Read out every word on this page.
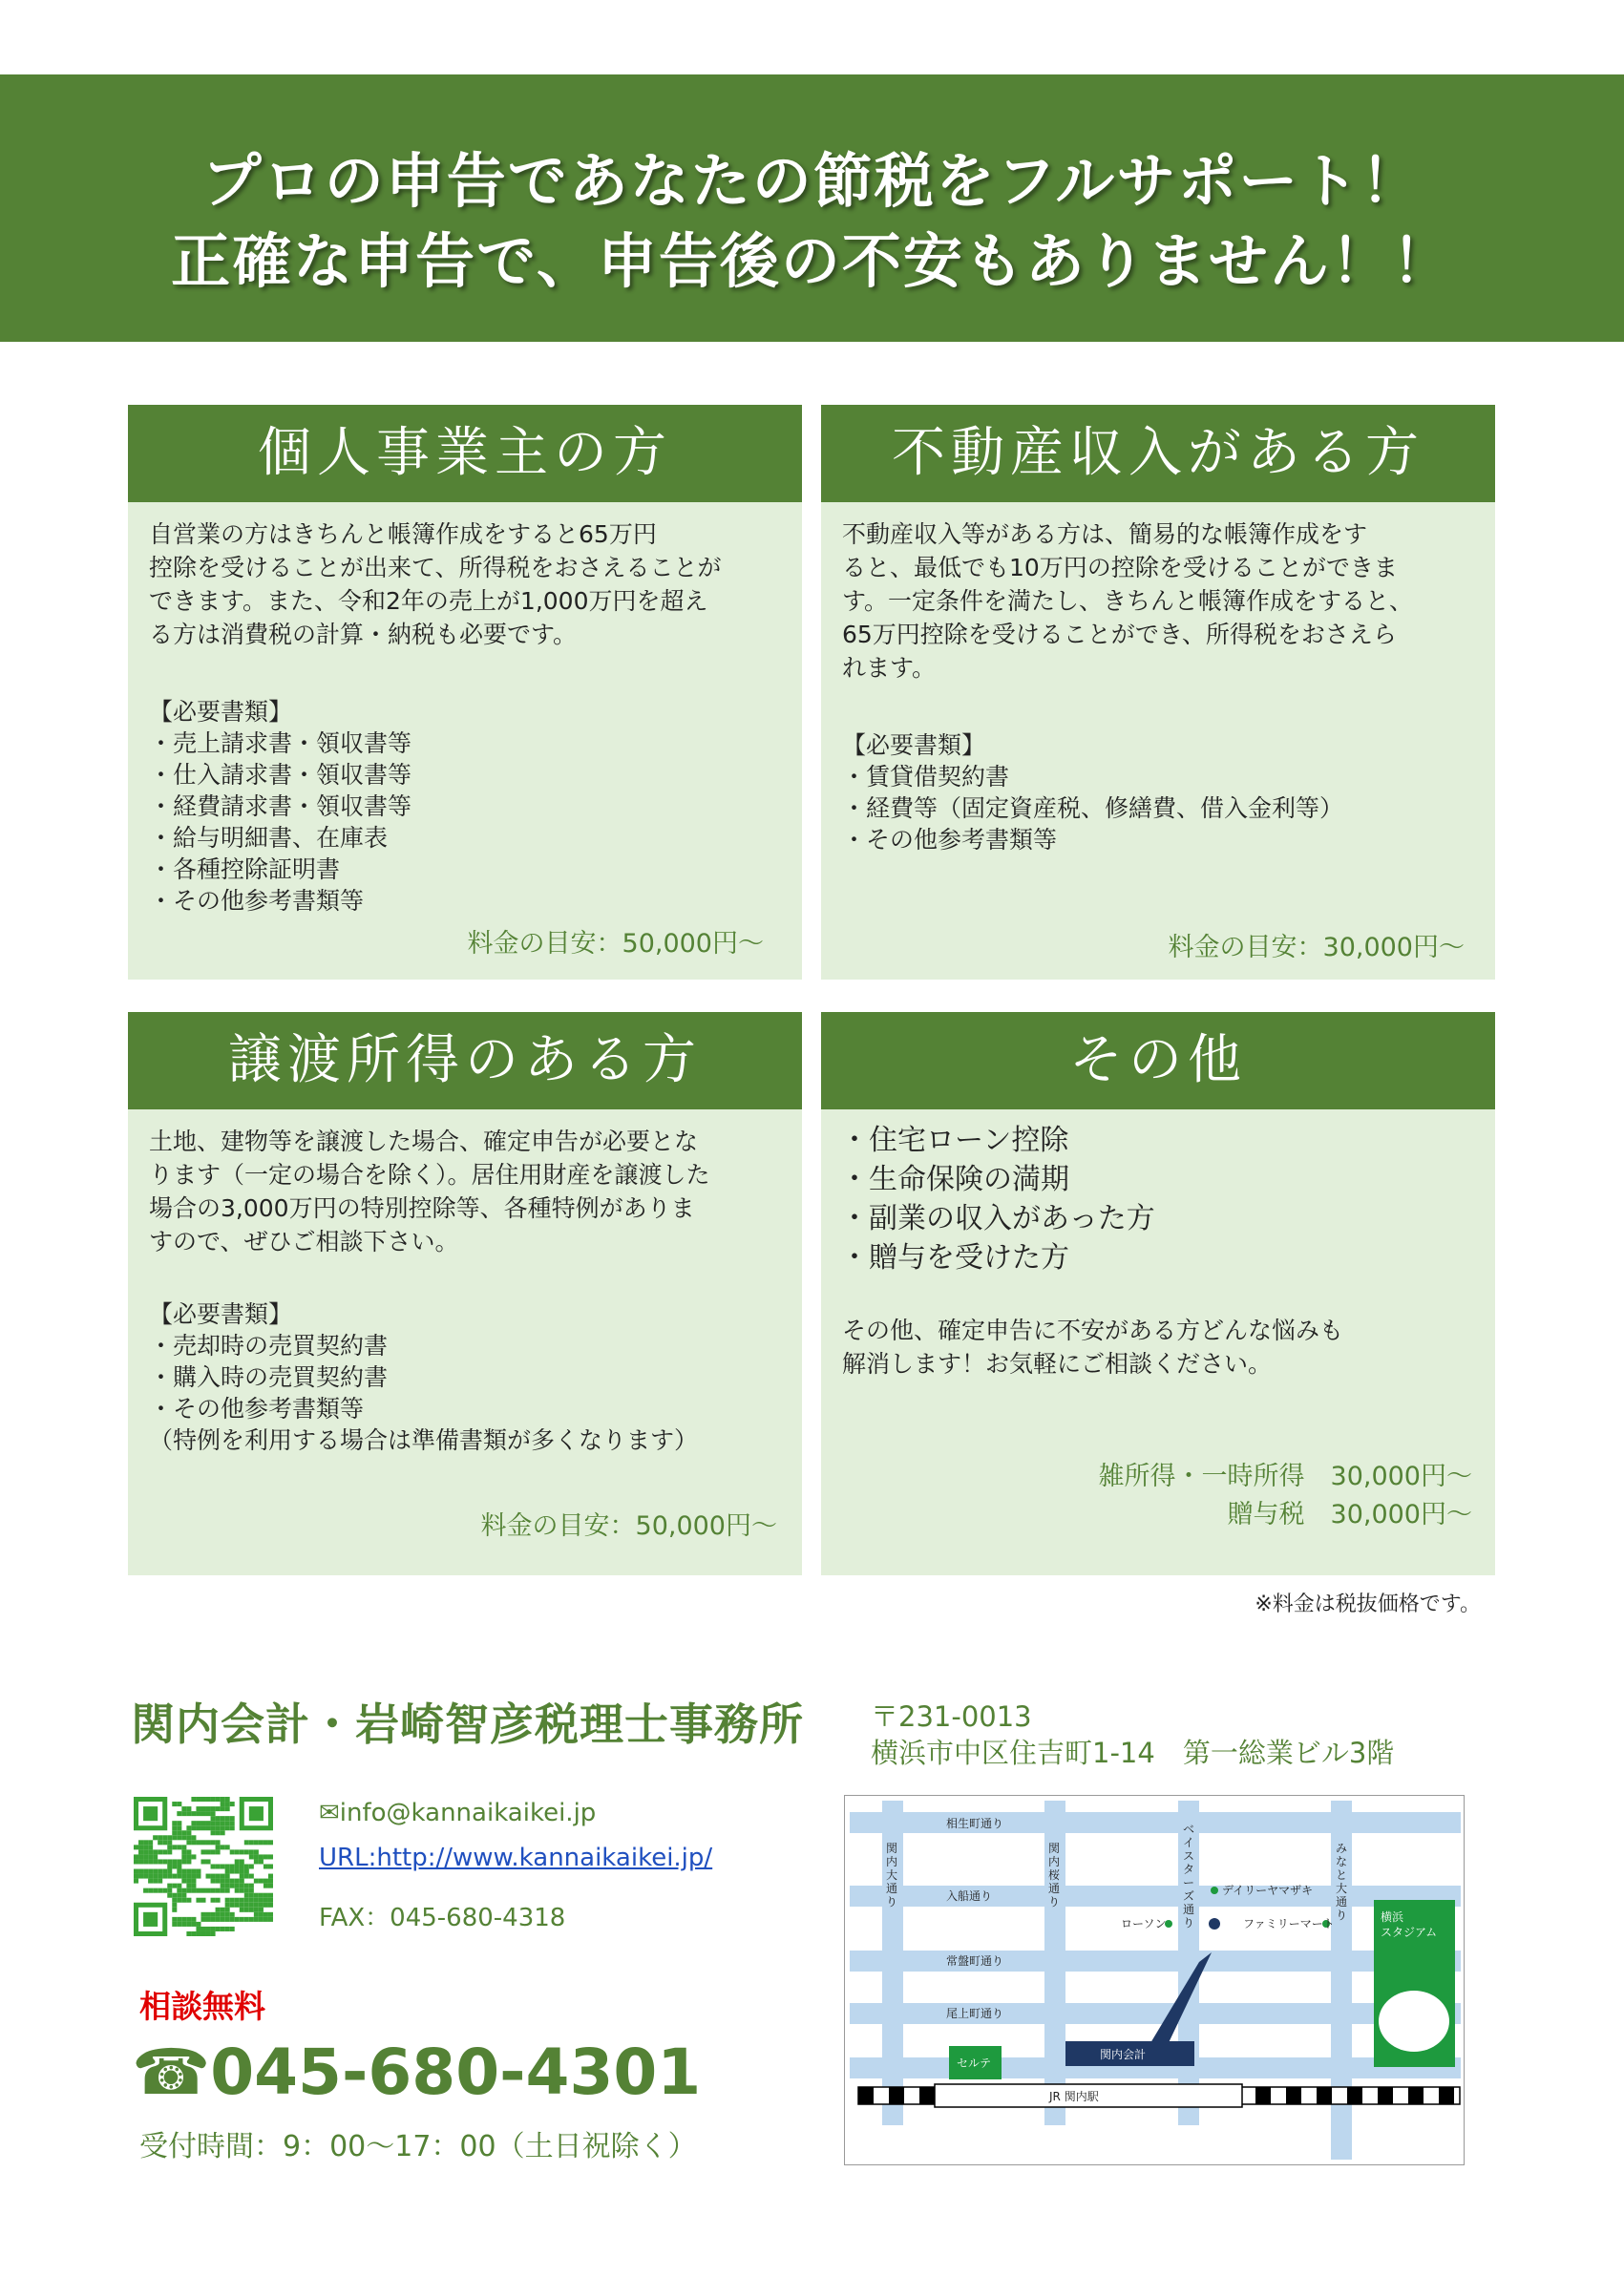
プロの申告であなたの節税をフルサポート！
正確な申告で、申告後の不安もありません！！
個人事業主の方

自営業の方はきちんと帳簿作成をすると65万円

控除を受けることが出来て、所得税をおさえることが

できます。また、令和2年の売上が1,000万円を超え

る方は消費税の計算・納税も必要です。

【必要書類】
・売上請求書・領収書等
・仕入請求書・領収書等
・経費請求書・領収書等
・給与明細書、在庫表
・各種控除証明書
・その他参考書類等
料金の目安：50,000円～
不動産収入がある方

不動産収入等がある方は、簡易的な帳簿作成をす

ると、最低でも10万円の控除を受けることができま

す。一定条件を満たし、きちんと帳簿作成をすると、

65万円控除を受けることができ、所得税をおさえら

れます。

【必要書類】
・賃貸借契約書
・経費等（固定資産税、修繕費、借入金利等）
・その他参考書類等
料金の目安：30,000円～
譲渡所得のある方

土地、建物等を譲渡した場合、確定申告が必要とな

ります（一定の場合を除く）。居住用財産を譲渡した

場合の3,000万円の特別控除等、各種特例がありま

すので、ぜひご相談下さい。

【必要書類】
・売却時の売買契約書
・購入時の売買契約書
・その他参考書類等
（特例を利用する場合は準備書類が多くなります）
料金の目安：50,000円～
その他
・住宅ローン控除
・生命保険の満期
・副業の収入があった方
・贈与を受けた方

その他、確定申告に不安がある方どんな悩みも

解消します！お気軽にご相談ください。

雑所得・一時所得　30,000円～
贈与税　30,000円～
※料金は税抜価格です。
関内会計・岩崎智彦税理士事務所 〒231-0013
横浜市中区住吉町1-14　第一総業ビル3階
✉info@kannaikaikei.jp
URL:http://www.kannaikaikei.jp/
FAX：045-680-4318
相談無料
☎045-680-4301
受付時間：9：00～17：00（土日祝除く）
横浜
スタジアム
セルテ
関内会計
JR 関内駅
相生町通り
入船通り
常盤町通り
尾上町通り
関
内
大
通
り
関
内
桜
通
り
ベ
イ
ス
タ
ー
ズ
通
り
み
な
と
大
通
り
デイリーヤマザキ
ローソン	ファミリーマート
